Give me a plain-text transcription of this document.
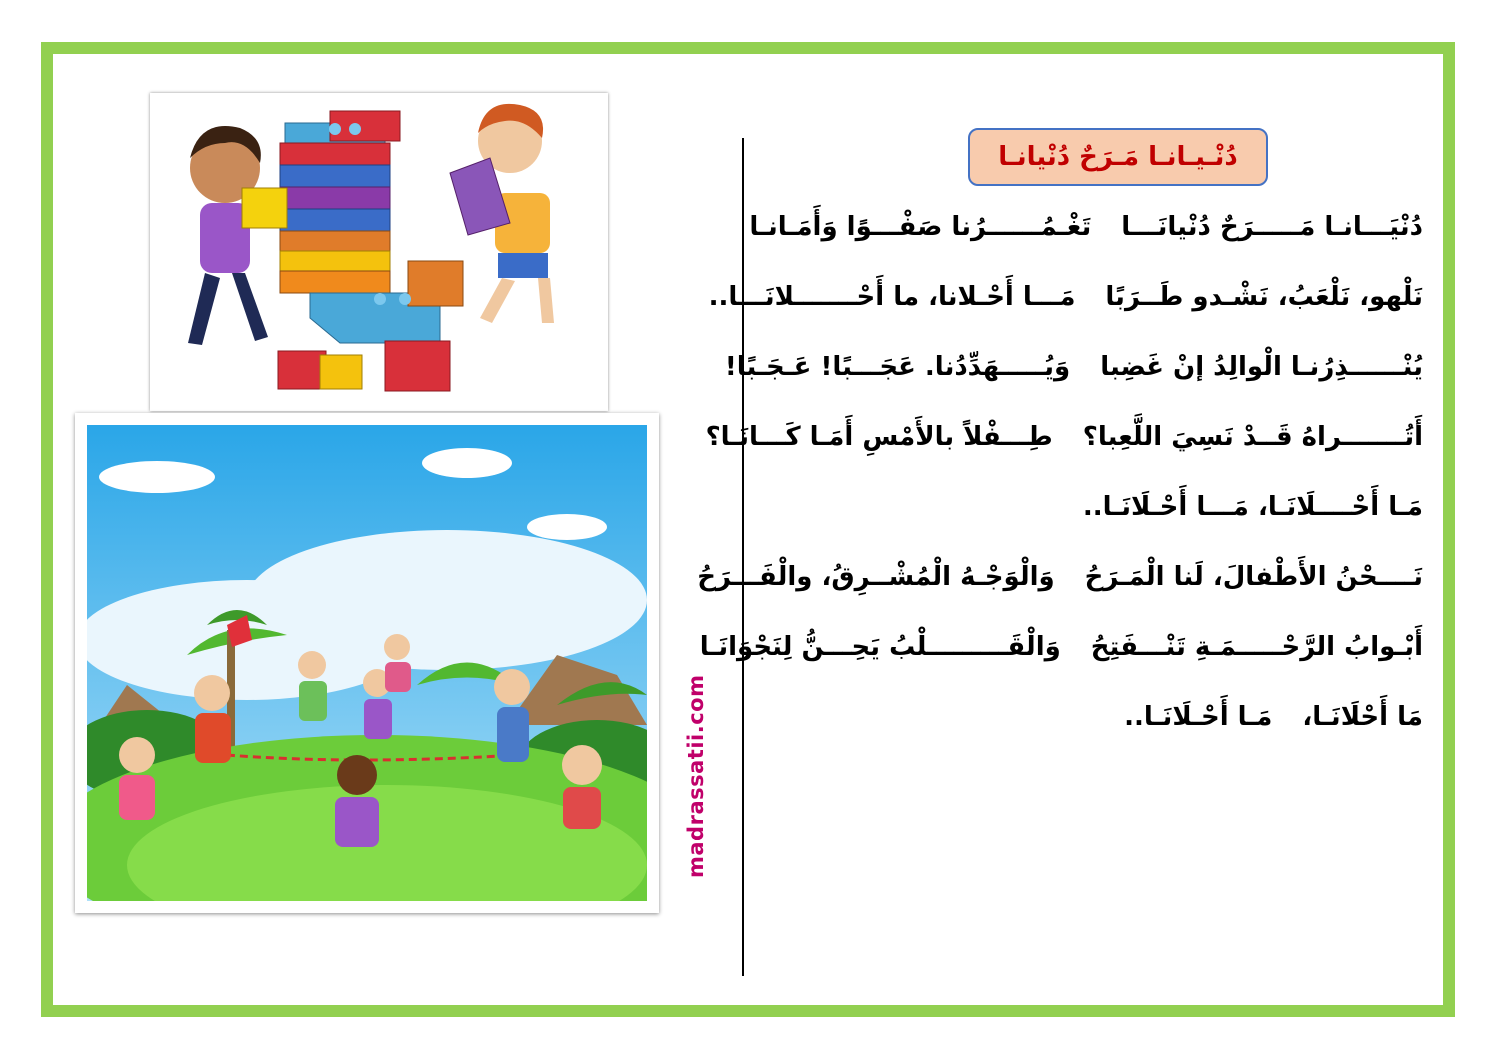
madrassatii.com
دُنْـيـانـا مَـرَحٌ دُنْيانـا
دُنْيَـــانـا مَـــــرَحٌ دُنْيانَـــاتَغْـمُــــــرُنا صَفْـــوًا وَأَمَـانـا
نَلْهو، نَلْعَبُ، نَشْـدو طَــرَبًامَـــا أَحْـلانا، ما أَحْـــــــلانَـــا..
يُنْــــــذِرُنـا الْوالِدُ إنْ غَضِباوَيُـــــهَدِّدُنا. عَجَـــبًا! عَـجَـبًا!
أَتُـــــــراهُ قَــدْ نَسِيَ اللَّعِبا؟طِـــفْلاً بالأَمْسِ أَمَـا كَـــانَـا؟
مَـا أَحْــــلَانَـا، مَـــا أَحْـلَانَـا..
نَــــحْنُ الأَطْفالَ، لَنا الْمَـرَحُوَالْوَجْـهُ الْمُشْــرِقُ، والْفَـــرَحُ
أَبْـوابُ الرَّحْـــــمَـةِ تَنْـــفَتِحُوَالْقَـــــــــلْبُ يَحِـــنُّ لِنَجْوَانَـا
مَا أَحْلَانَـا،مَـا أَحْـلَانَـا..
